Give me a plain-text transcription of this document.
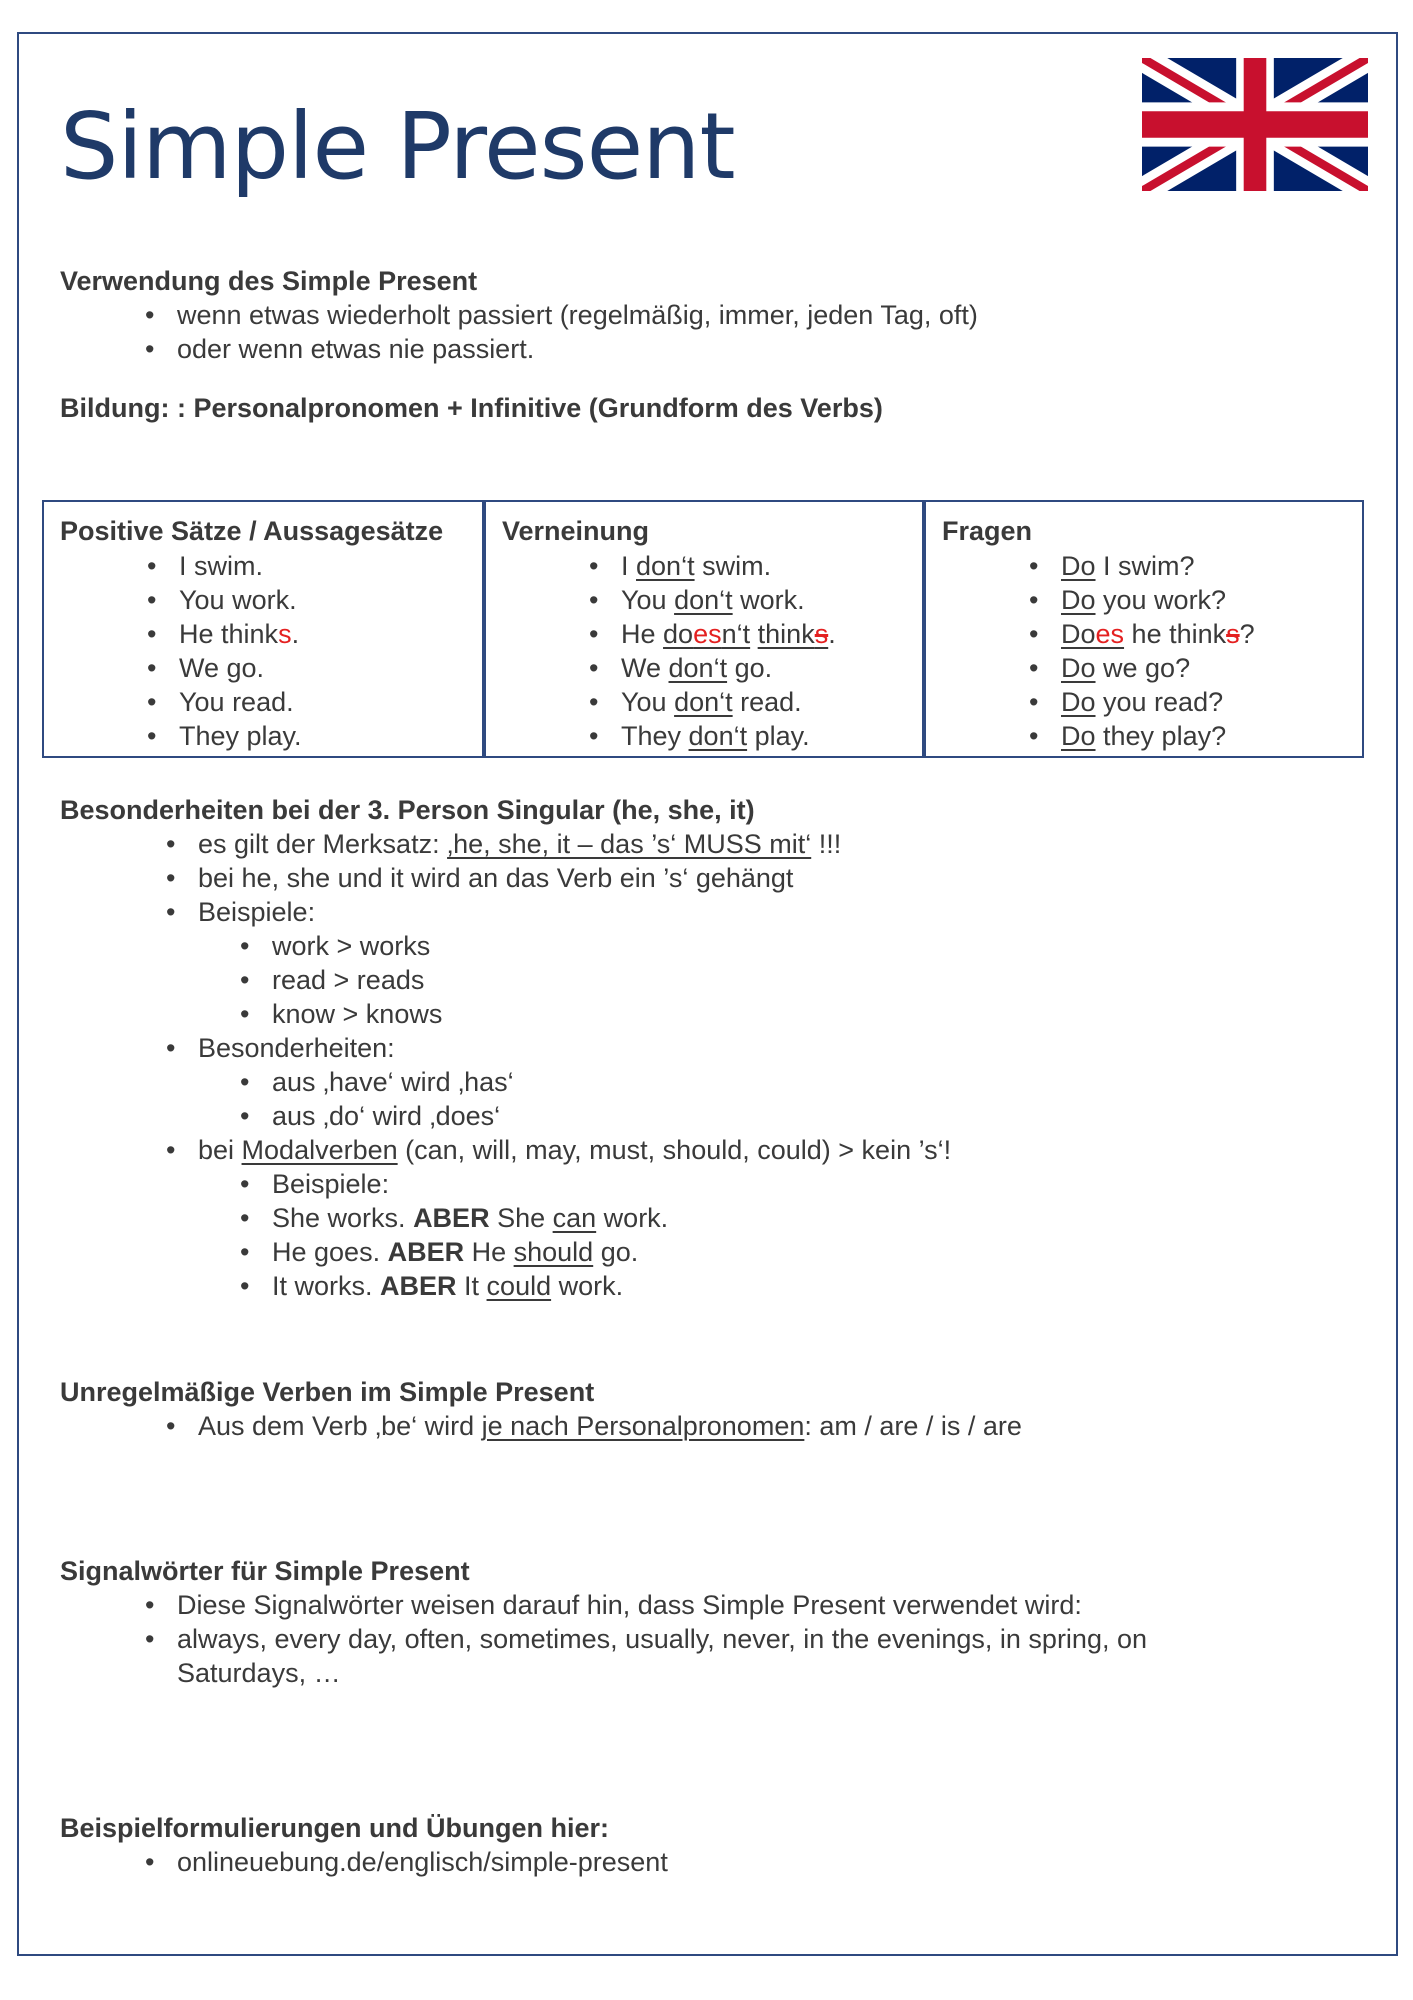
Simple Present

Verwendung des Simple Present

• wenn etwas wiederholt passiert (regelmäßig, immer, jeden Tag, oft)
• oder wenn etwas nie passiert.

Bildung: : Personalpronomen + Infinitive (Grundform des Verbs)

Positive Sätze / Aussagesätze

• I swim.
• You work.
• He thinks.
• We go.
• You read.
• They play.

Verneinung

• I don‘t swim.
• You don‘t work.
• He doesn‘t thinks.
• We don‘t go.
• You don‘t read.
• They don‘t play.

Fragen

• Do I swim?
• Do you work?
• Does he thinks?
• Do we go?
• Do you read?
• Do they play?

Besonderheiten bei der 3. Person Singular (he, she, it)

• es gilt der Merksatz: ‚he, she, it – das ’s‘ MUSS mit‘ !!!
• bei he, she und it wird an das Verb ein ’s‘ gehängt
• Beispiele:
• work > works
• read > reads
• know > knows
• Besonderheiten:
• aus ‚have‘ wird ‚has‘
• aus ‚do‘ wird ‚does‘
• bei Modalverben (can, will, may, must, should, could) > kein ’s‘!
• Beispiele:
• She works. ABER She can work.
• He goes. ABER He should go.
• It works. ABER It could work.

Unregelmäßige Verben im Simple Present

• Aus dem Verb ‚be‘ wird je nach Personalpronomen: am / are / is / are

Signalwörter für Simple Present

• Diese Signalwörter weisen darauf hin, dass Simple Present verwendet wird:
• always, every day, often, sometimes, usually, never, in the evenings, in spring, on

Saturdays, …

Beispielformulierungen und Übungen hier:

• onlineuebung.de/englisch/simple-present
